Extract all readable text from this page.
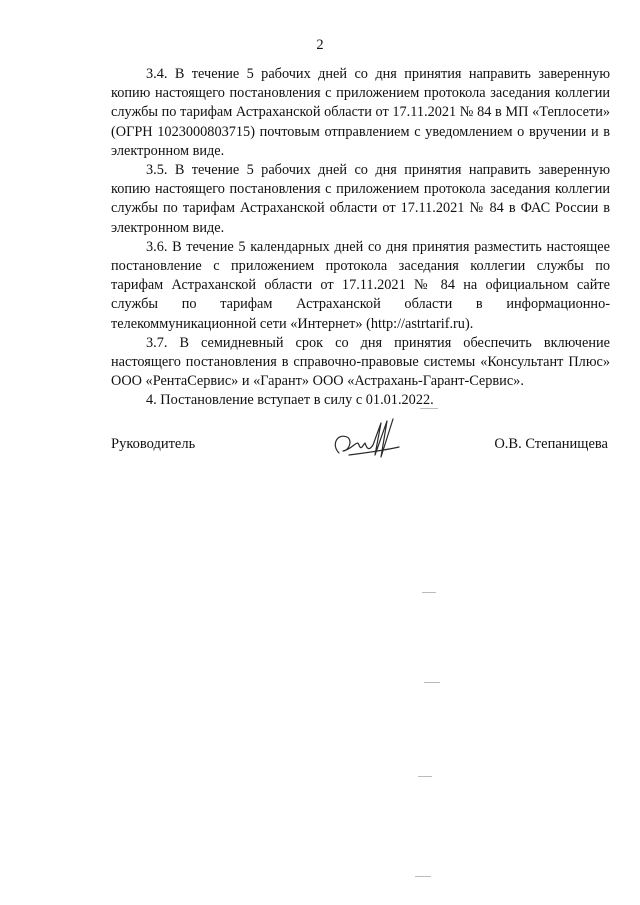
2

3.4. В течение 5 рабочих дней со дня принятия направить заверенную копию настоящего постановления с приложением протокола заседания коллегии службы по тарифам Астраханской области от 17.11.2021 № 84 в МП «Теплосети» (ОГРН 1023000803715) почтовым отправлением с уведомлением о вручении и в электронном виде.

3.5. В течение 5 рабочих дней со дня принятия направить заверенную копию настоящего постановления с приложением протокола заседания коллегии службы по тарифам Астраханской области от 17.11.2021 № 84 в ФАС России в электронном виде.

3.6. В течение 5 календарных дней со дня принятия разместить настоящее постановление с приложением протокола заседания коллегии службы по тарифам Астраханской области от 17.11.2021 № 84 на официальном сайте службы по тарифам Астраханской области в информационно-телекоммуникационной сети «Интернет» (http://astrtarif.ru).

3.7. В семидневный срок со дня принятия обеспечить включение настоящего постановления в справочно-правовые системы «Консультант Плюс» ООО «РентаСервис» и «Гарант» ООО «Астрахань-Гарант-Сервис».

4. Постановление вступает в силу с 01.01.2022.

Руководитель	О.В. Степанищева
